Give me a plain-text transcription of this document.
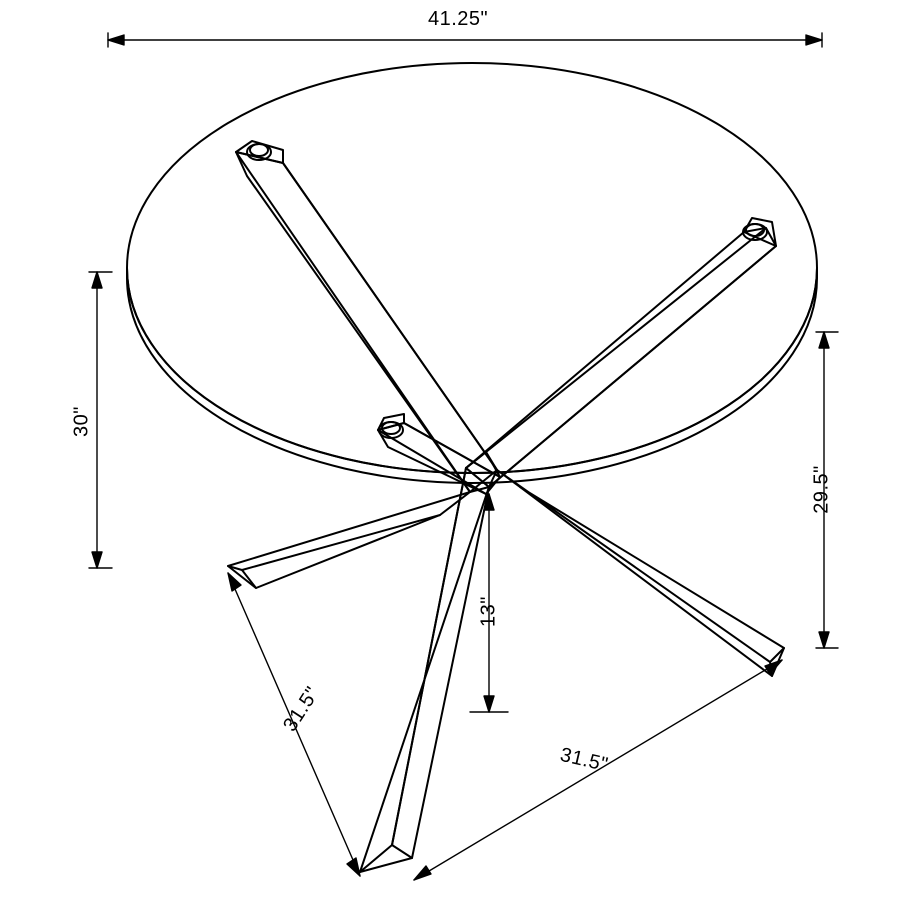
41.25"
30"
29.5"
13"
31.5"
31.5"
